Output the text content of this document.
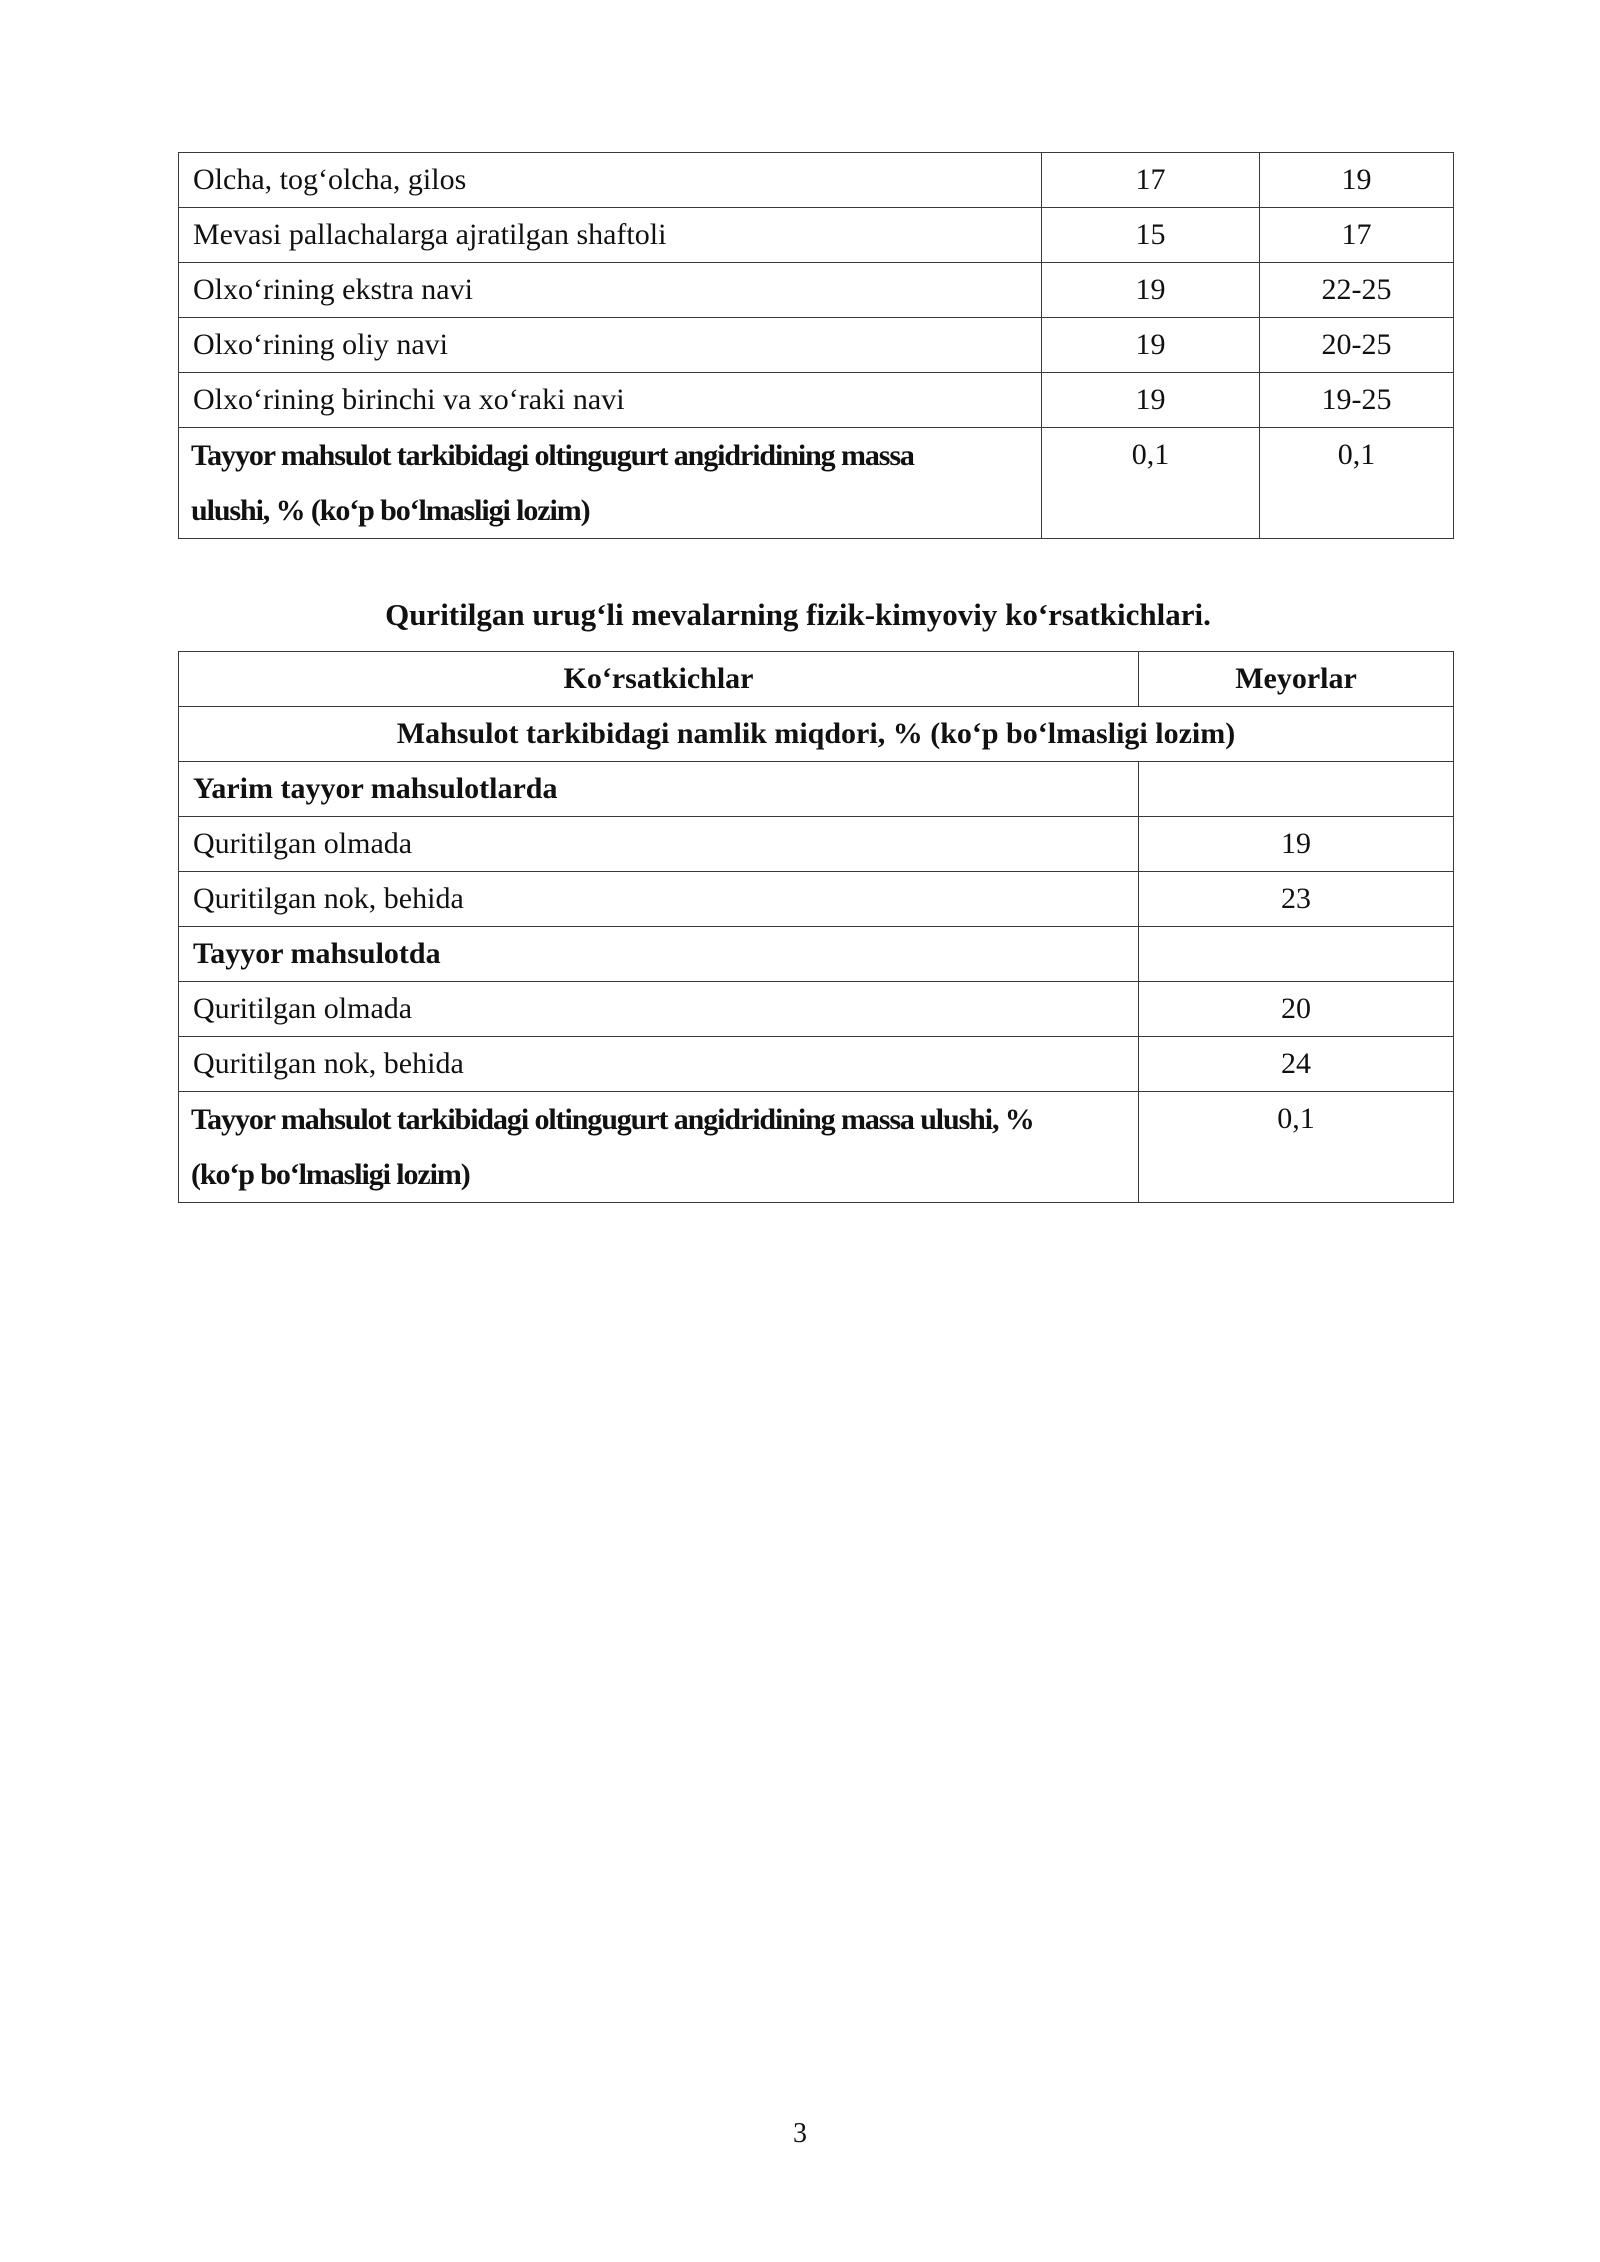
Olcha, tog‘olcha, gilos	17	19
Mevasi pallachalarga ajratilgan shaftoli	15	17
Olxo‘rining ekstra navi	19	22-25
Olxo‘rining oliy navi	19	20-25
Olxo‘rining birinchi va xo‘raki navi	19	19-25
Tayyor mahsulot tarkibidagi oltingugurt angidridining massa
ulushi, % (ko‘p bo‘lmasligi lozim)	0,1	0,1
Quritilgan urug‘li mevalarning fizik-kimyoviy ko‘rsatkichlari.
Ko‘rsatkichlar	Meyorlar
Mahsulot tarkibidagi namlik miqdori, % (ko‘p bo‘lmasligi lozim)	
Yarim tayyor mahsulotlarda	
Quritilgan olmada	19
Quritilgan nok, behida	23
Tayyor mahsulotda	
Quritilgan olmada	20
Quritilgan nok, behida	24
Tayyor mahsulot tarkibidagi oltingugurt angidridining massa ulushi, %
(ko‘p bo‘lmasligi lozim)	0,1
3
